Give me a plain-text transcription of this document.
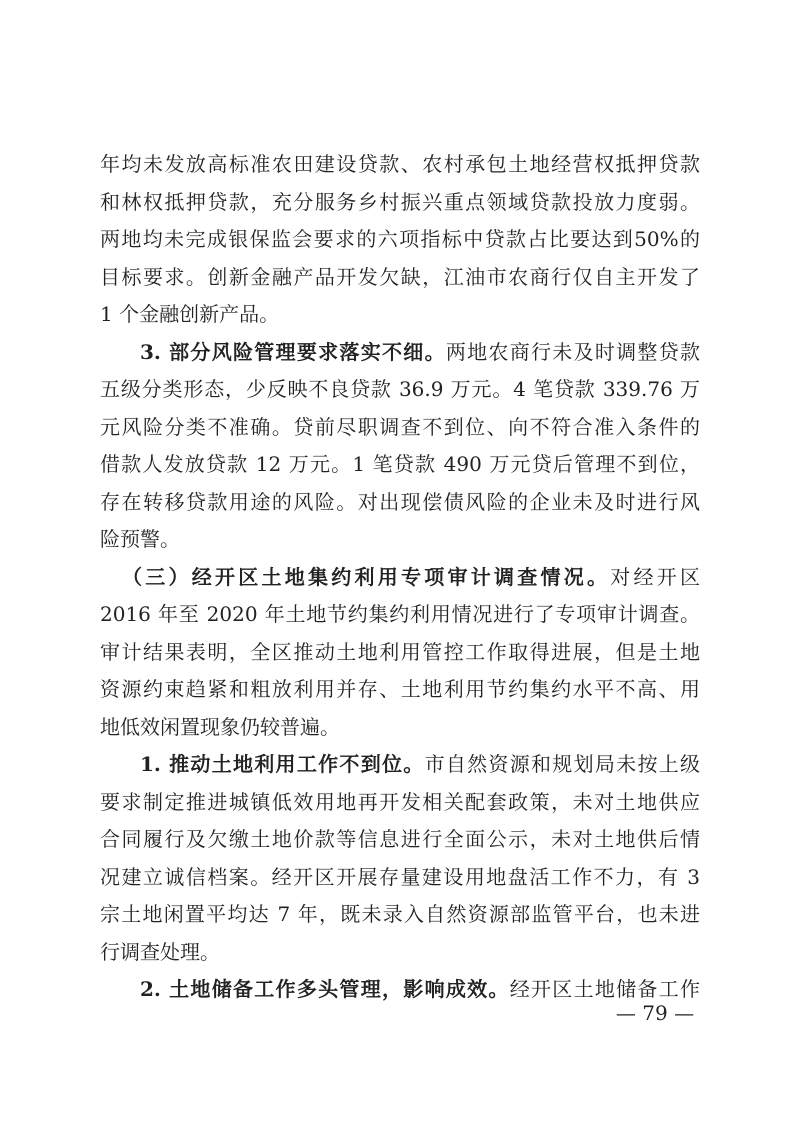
年均未发放高标准农田建设贷款、农村承包土地经营权抵押贷款
和林权抵押贷款，充分服务乡村振兴重点领域贷款投放力度弱。
两地均未完成银保监会要求的六项指标中贷款占比要达到50%的
目标要求。创新金融产品开发欠缺，江油市农商行仅自主开发了
1 个金融创新产品。
3. 部分风险管理要求落实不细。两地农商行未及时调整贷款
五级分类形态，少反映不良贷款 36.9 万元。4 笔贷款 339.76 万
元风险分类不准确。贷前尽职调查不到位、向不符合准入条件的
借款人发放贷款 12 万元。1 笔贷款 490 万元贷后管理不到位，
存在转移贷款用途的风险。对出现偿债风险的企业未及时进行风
险预警。
（三）经开区土地集约利用专项审计调查情况。对经开区
2016 年至 2020 年土地节约集约利用情况进行了专项审计调查。
审计结果表明，全区推动土地利用管控工作取得进展，但是土地
资源约束趋紧和粗放利用并存、土地利用节约集约水平不高、用
地低效闲置现象仍较普遍。
1. 推动土地利用工作不到位。市自然资源和规划局未按上级
要求制定推进城镇低效用地再开发相关配套政策，未对土地供应
合同履行及欠缴土地价款等信息进行全面公示，未对土地供后情
况建立诚信档案。经开区开展存量建设用地盘活工作不力，有 3
宗土地闲置平均达 7 年，既未录入自然资源部监管平台，也未进
行调查处理。
2. 土地储备工作多头管理，影响成效。经开区土地储备工作
— 79 —
